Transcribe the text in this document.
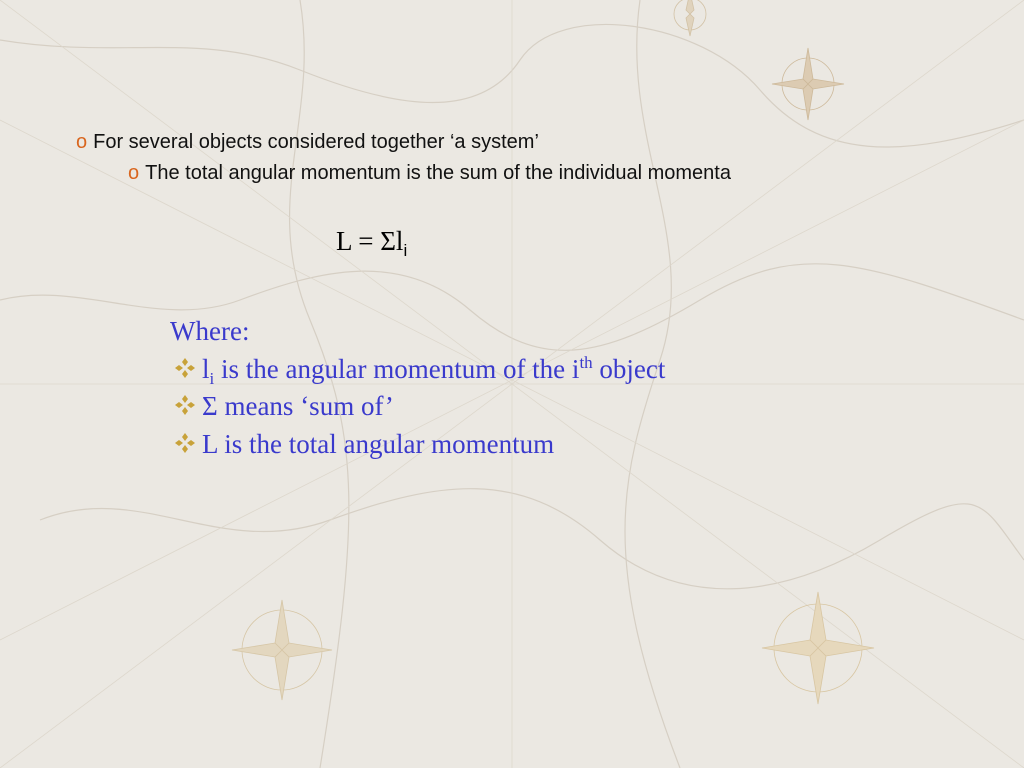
o For several objects considered together ‘a system’
o The total angular momentum is the sum of the individual momenta
$L = \Sigma l_i$
Where:
$l_i$ is the angular momentum of the $i^{th}$ object
Σ means ‘sum of’
L is the total angular momentum
